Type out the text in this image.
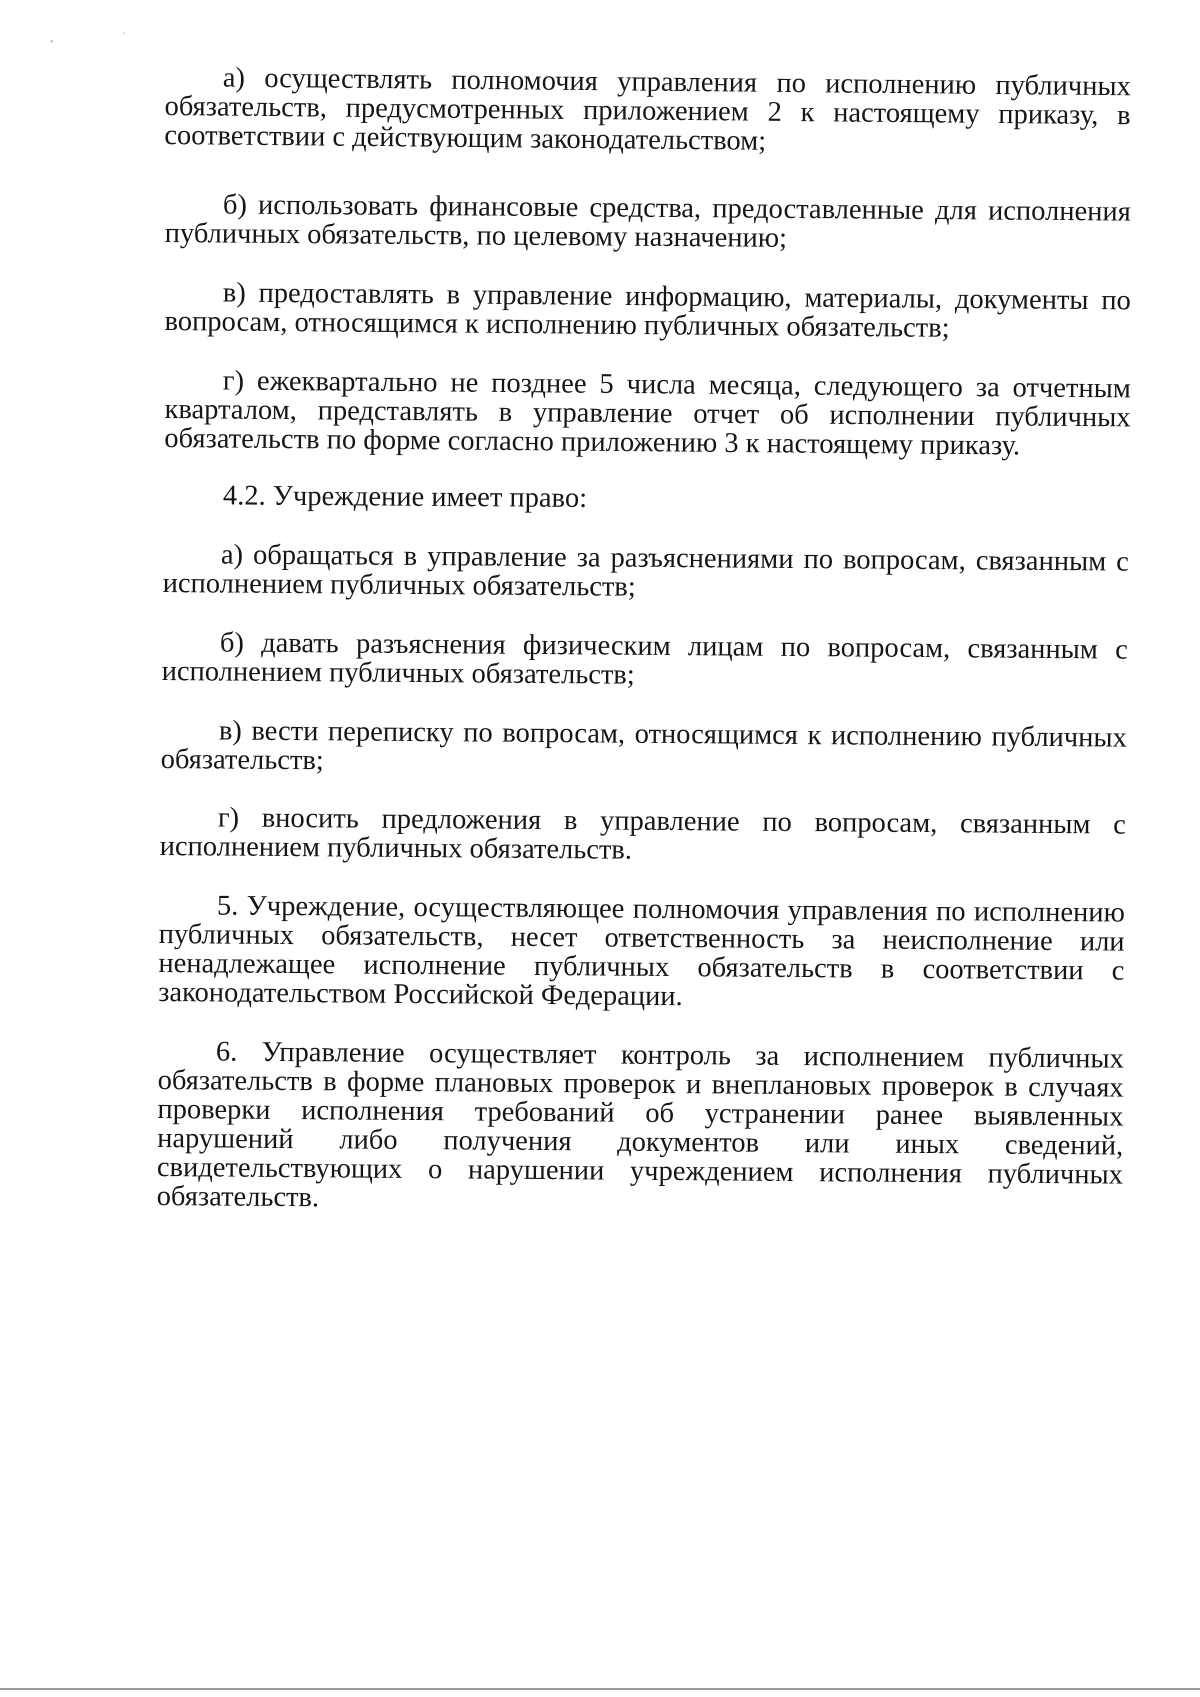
•
ʼ

а) осуществлять полномочия управления по исполнению публичных обязательств, предусмотренных приложением 2 к настоящему приказу, в соответствии с действующим законодательством;

б) использовать финансовые средства, предоставленные для исполнения публичных обязательств, по целевому назначению;

в) предоставлять в управление информацию, материалы, документы по вопросам, относящимся к исполнению публичных обязательств;

г) ежеквартально не позднее 5 числа месяца, следующего за отчетным кварталом, представлять в управление отчет об исполнении публичных обязательств по форме согласно приложению 3 к настоящему приказу.

4.2. Учреждение имеет право:

а) обращаться в управление за разъяснениями по вопросам, связанным с исполнением публичных обязательств;

б) давать разъяснения физическим лицам по вопросам, связанным с исполнением публичных обязательств;

в) вести переписку по вопросам, относящимся к исполнению публичных обязательств;

г) вносить предложения в управление по вопросам, связанным с исполнением публичных обязательств.

5. Учреждение, осуществляющее полномочия управления по исполнению публичных обязательств, несет ответственность за неисполнение или ненадлежащее исполнение публичных обязательств в соответствии с законодательством Российской Федерации.

6. Управление осуществляет контроль за исполнением публичных обязательств в форме плановых проверок и внеплановых проверок в случаях проверки исполнения требований об устранении ранее выявленных нарушений либо получения документов или иных сведений, свидетельствующих о нарушении учреждением исполнения публичных обязательств.
